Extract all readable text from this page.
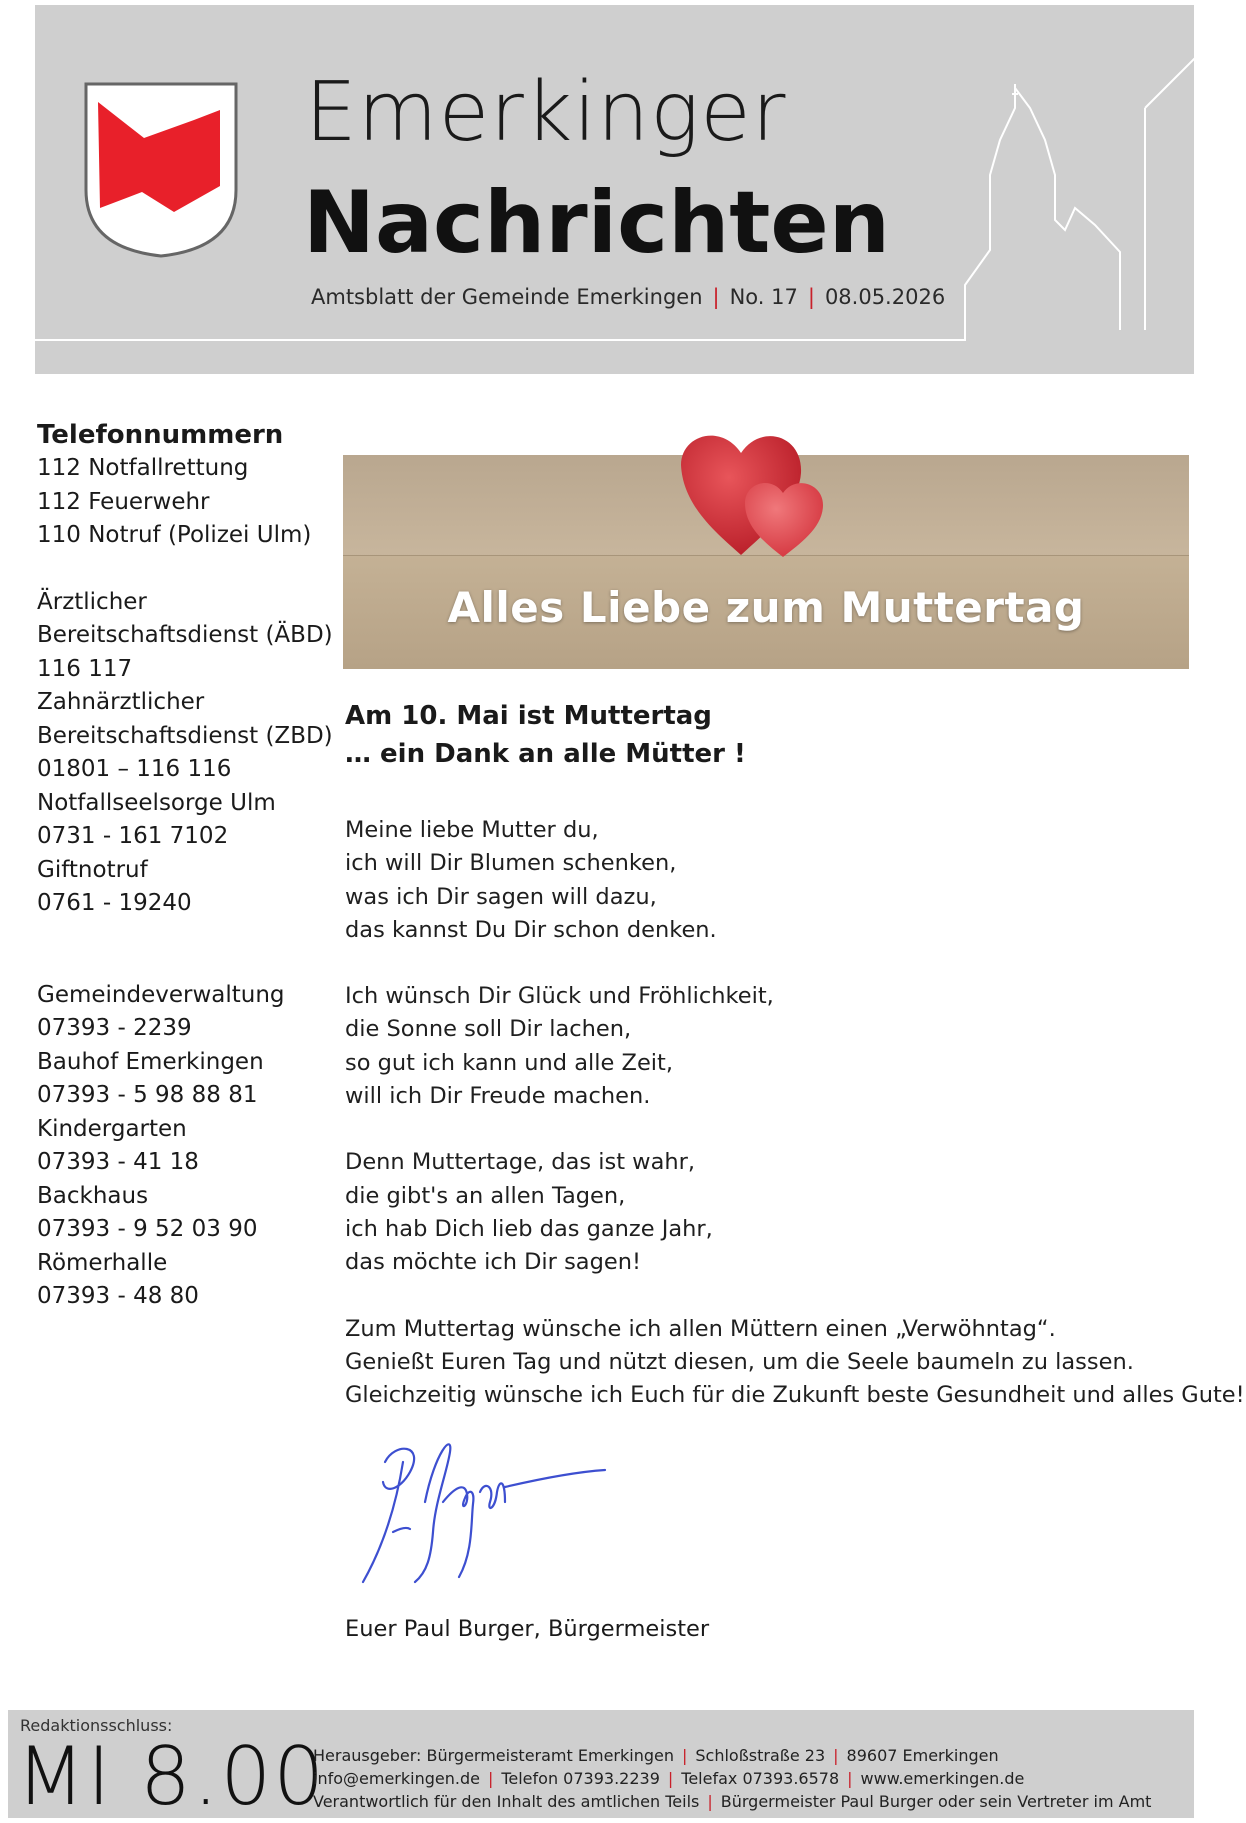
Emerkinger
Nachrichten
Amtsblatt der Gemeinde Emerkingen | No. 17 | 08.05.2026
Telefonnummern
112 Notfallrettung
112 Feuerwehr
110 Notruf (Polizei Ulm)
Ärztlicher
Bereitschaftsdienst (ÄBD)
116 117
Zahnärztlicher
Bereitschaftsdienst (ZBD)
01801 – 116 116
Notfallseelsorge Ulm
0731 - 161 7102
Giftnotruf
0761 - 19240
Gemeindeverwaltung
07393 - 2239
Bauhof Emerkingen
07393 - 5 98 88 81
Kindergarten
07393 - 41 18
Backhaus
07393 - 9 52 03 90
Römerhalle
07393 - 48 80
Alles Liebe zum Muttertag
Am 10. Mai ist Muttertag
… ein Dank an alle Mütter !
Meine liebe Mutter du,
ich will Dir Blumen schenken,
was ich Dir sagen will dazu,
das kannst Du Dir schon denken.
Ich wünsch Dir Glück und Fröhlichkeit,
die Sonne soll Dir lachen,
so gut ich kann und alle Zeit,
will ich Dir Freude machen.
Denn Muttertage, das ist wahr,
die gibt's an allen Tagen,
ich hab Dich lieb das ganze Jahr,
das möchte ich Dir sagen!
Zum Muttertag wünsche ich allen Müttern einen „Verwöhntag“.
Genießt Euren Tag und nützt diesen, um die Seele baumeln zu lassen.
Gleichzeitig wünsche ich Euch für die Zukunft beste Gesundheit und alles Gute!
Euer Paul Burger, Bürgermeister
Redaktionsschluss:
MI 8.00
Herausgeber: Bürgermeisteramt Emerkingen | Schloßstraße 23 | 89607 Emerkingen
info@emerkingen.de | Telefon 07393.2239 | Telefax 07393.6578 | www.emerkingen.de
Verantwortlich für den Inhalt des amtlichen Teils | Bürgermeister Paul Burger oder sein Vertreter im Amt
